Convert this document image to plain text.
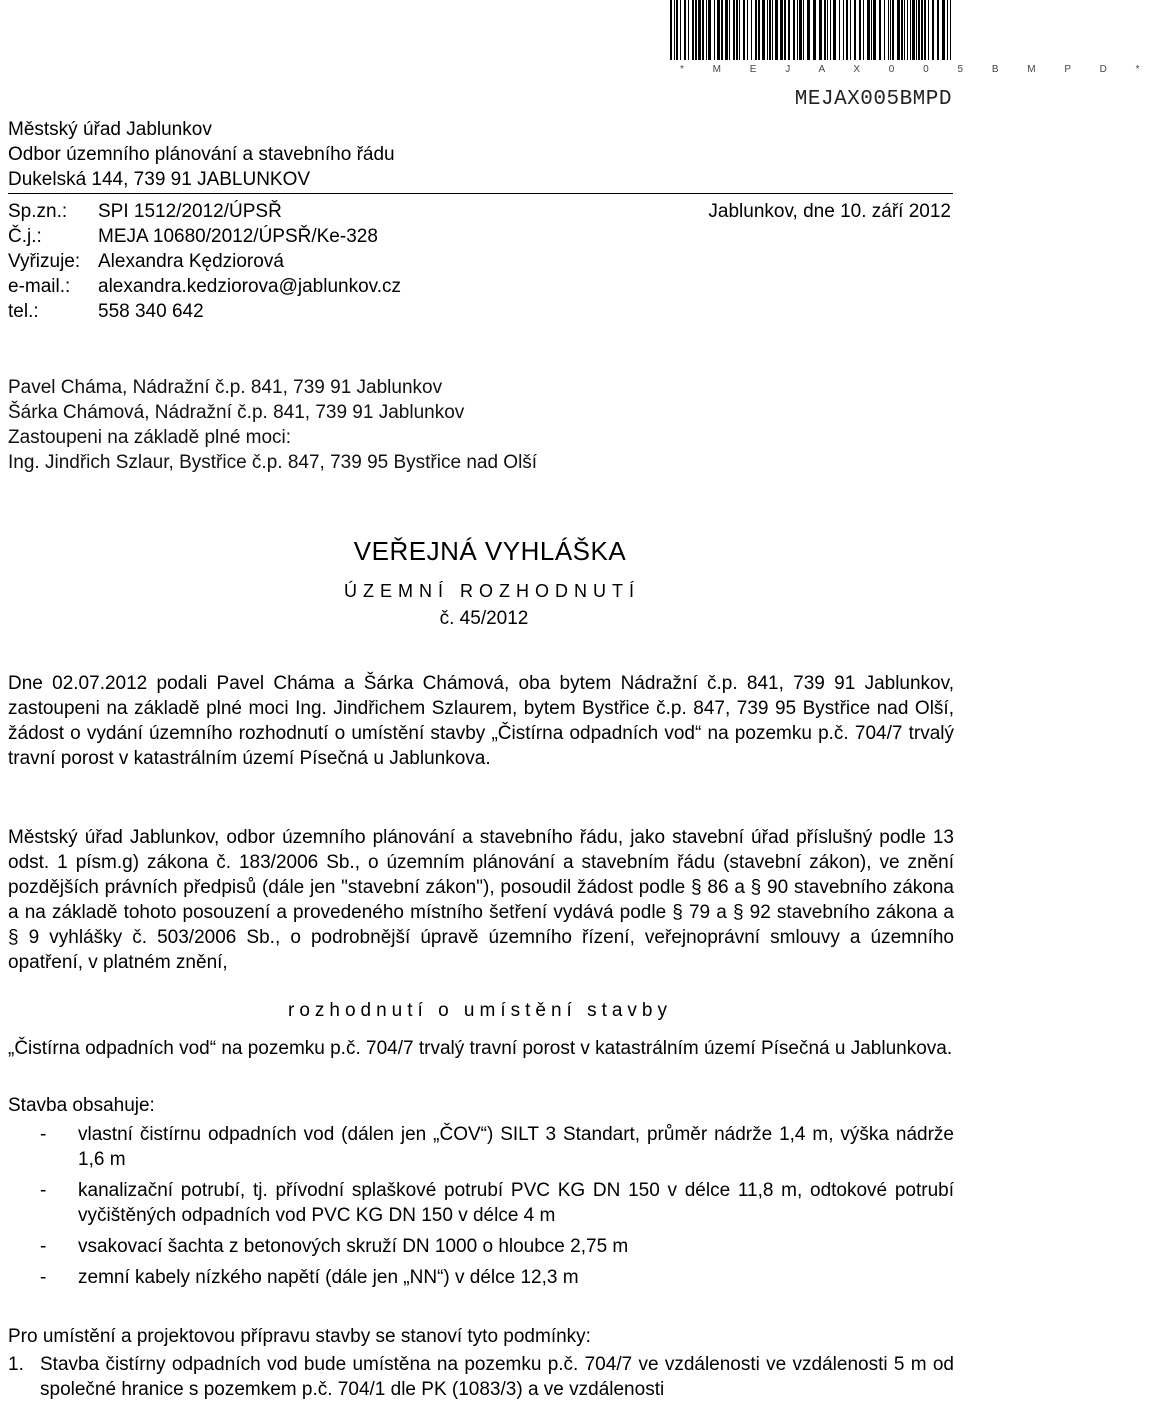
* M E J A X 0 0 5 B M P D *
MEJAX005BMPD
Městský úřad Jablunkov
Odbor územního plánování a stavebního řádu
Dukelská 144, 739 91 JABLUNKOV
Sp.zn.:	SPI 1512/2012/ÚPSŘ
Č.j.:	MEJA 10680/2012/ÚPSŘ/Ke-328
Vyřizuje: Alexandra Kędziorová
e-mail.:	alexandra.kedziorova@jablunkov.cz
tel.:	558 340 642
Jablunkov, dne 10. září 2012
Pavel Cháma, Nádražní č.p. 841, 739 91 Jablunkov
Šárka Chámová, Nádražní č.p. 841, 739 91 Jablunkov
Zastoupeni na základě plné moci:
Ing. Jindřich Szlaur, Bystřice č.p. 847, 739 95 Bystřice nad Olší
VEŘEJNÁ VYHLÁŠKA
ÚZEMNÍ ROZHODNUTÍ
č. 45/2012
Dne 02.07.2012 podali Pavel Cháma a Šárka Chámová, oba bytem Nádražní č.p. 841, 739 91 Jablunkov, zastoupeni na základě plné moci Ing. Jindřichem Szlaurem, bytem Bystřice č.p. 847, 739 95 Bystřice nad Olší, žádost o vydání územního rozhodnutí o umístění stavby „Čistírna odpadních vod“ na pozemku p.č. 704/7 trvalý travní porost v katastrálním území Písečná u Jablunkova.
Městský úřad Jablunkov, odbor územního plánování a stavebního řádu, jako stavební úřad příslušný podle 13 odst. 1 písm.g) zákona č. 183/2006 Sb., o územním plánování a stavebním řádu (stavební zákon), ve znění pozdějších právních předpisů (dále jen "stavební zákon"), posoudil žádost podle § 86 a § 90 stavebního zákona a na základě tohoto posouzení a provedeného místního šetření vydává podle § 79 a § 92 stavebního zákona a § 9 vyhlášky č. 503/2006 Sb., o podrobnější úpravě územního řízení, veřejnoprávní smlouvy a územního opatření, v platném znění,
rozhodnutí o umístění stavby
„Čistírna odpadních vod“ na pozemku p.č. 704/7 trvalý travní porost v katastrálním území Písečná u Jablunkova.
Stavba obsahuje:
-	vlastní čistírnu odpadních vod (dálen jen „ČOV“) SILT 3 Standart, průměr nádrže 1,4 m, výška nádrže 1,6 m
-	kanalizační potrubí, tj. přívodní splaškové potrubí PVC KG DN 150 v délce 11,8 m, odtokové potrubí vyčištěných odpadních vod PVC KG DN 150 v délce 4 m
-	vsakovací šachta z betonových skruží DN 1000 o hloubce 2,75 m
-	zemní kabely nízkého napětí (dále jen „NN“) v délce 12,3 m
Pro umístění a projektovou přípravu stavby se stanoví tyto podmínky:
1. Stavba čistírny odpadních vod bude umístěna na pozemku p.č. 704/7 ve vzdálenosti ve vzdálenosti 5 m od společné hranice s pozemkem p.č. 704/1 dle PK (1083/3) a ve vzdálenosti
